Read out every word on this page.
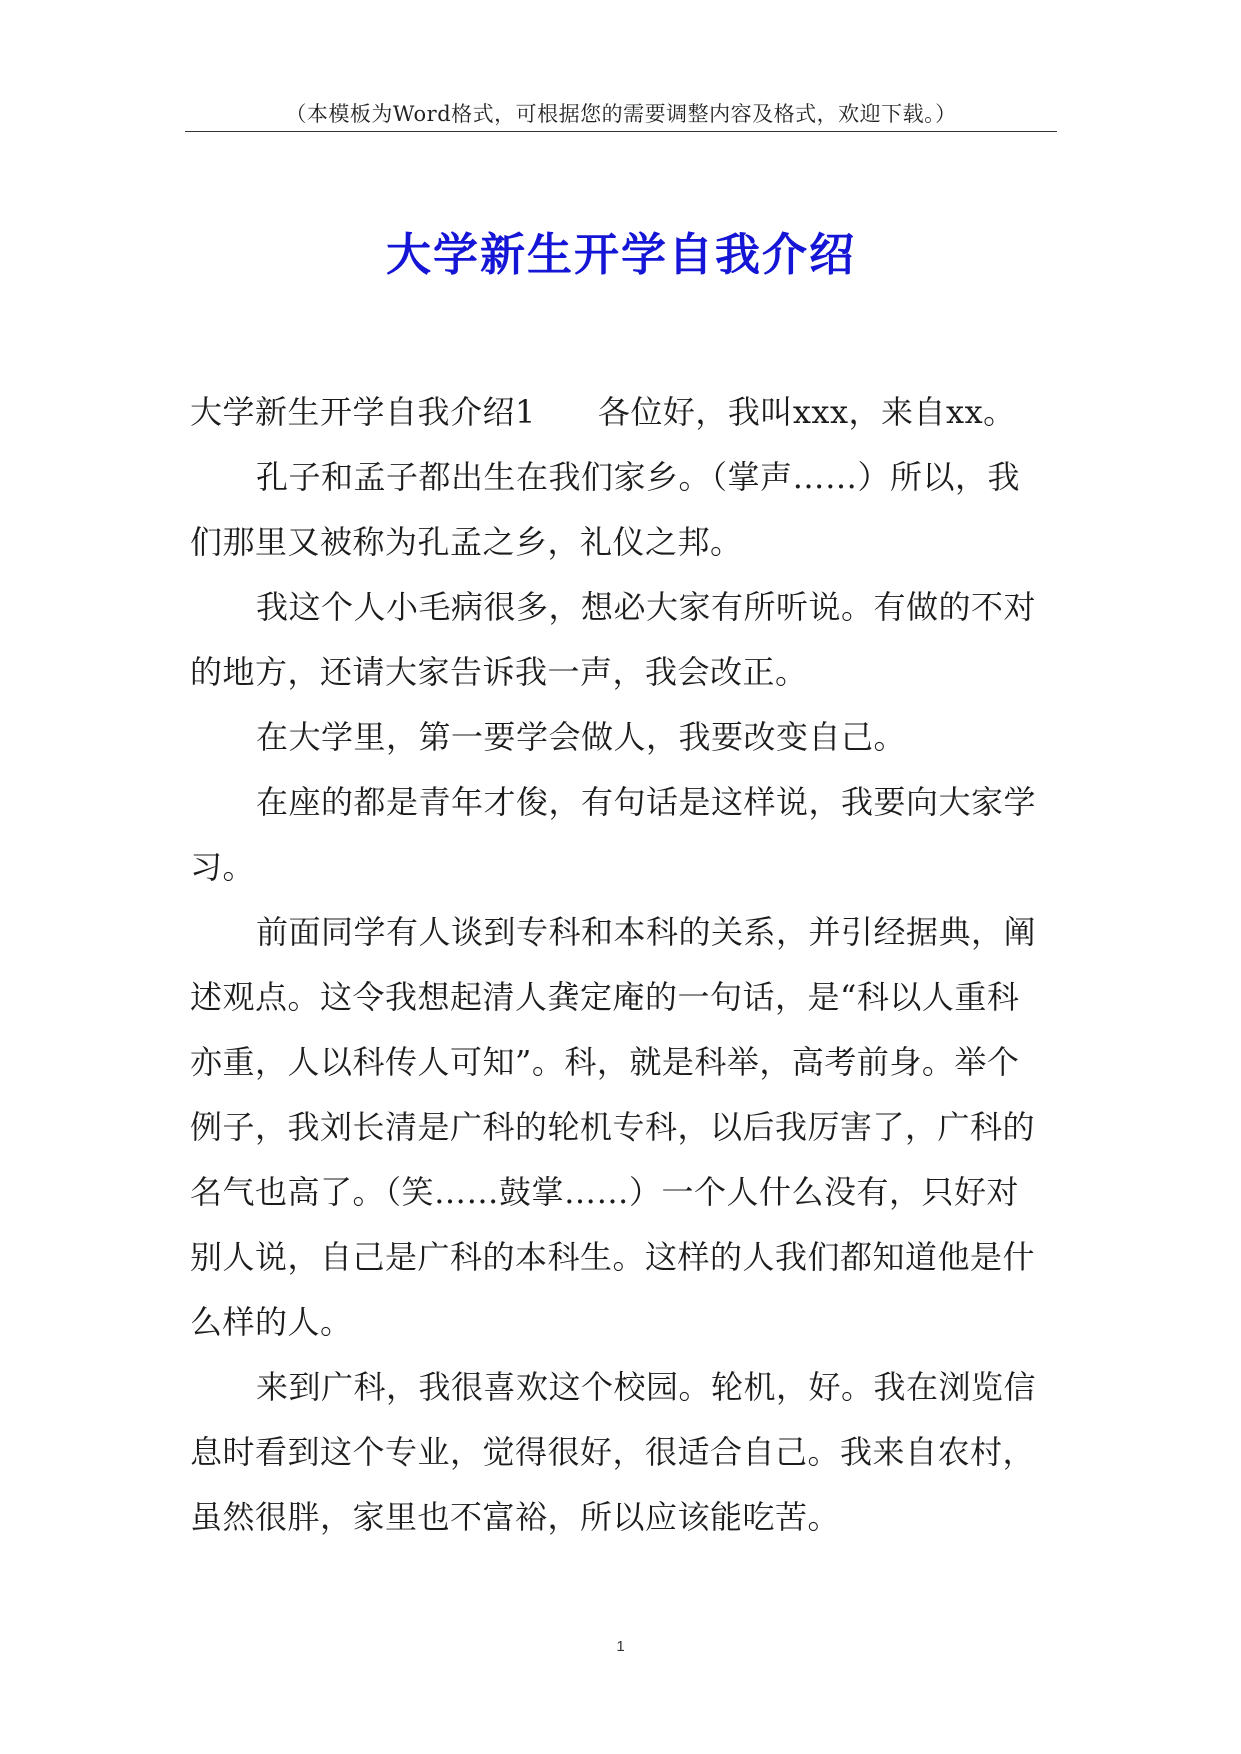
（本模板为Word格式，可根据您的需要调整内容及格式，欢迎下载。）
大学新生开学自我介绍
大学新生开学自我介绍1 各位好，我叫xxx，来自xx。
孔子和孟子都出生在我们家乡。（掌声……）所以，我
们那里又被称为孔孟之乡，礼仪之邦。
我这个人小毛病很多，想必大家有所听说。有做的不对
的地方，还请大家告诉我一声，我会改正。
在大学里，第一要学会做人，我要改变自己。
在座的都是青年才俊，有句话是这样说，我要向大家学
习。
前面同学有人谈到专科和本科的关系，并引经据典，阐
述观点。这令我想起清人龚定庵的一句话，是“科以人重科
亦重，人以科传人可知”。科，就是科举，高考前身。举个
例子，我刘长清是广科的轮机专科，以后我厉害了，广科的
名气也高了。（笑……鼓掌……）一个人什么没有，只好对
别人说，自己是广科的本科生。这样的人我们都知道他是什
么样的人。
来到广科，我很喜欢这个校园。轮机，好。我在浏览信
息时看到这个专业，觉得很好，很适合自己。我来自农村，
虽然很胖，家里也不富裕，所以应该能吃苦。
1
